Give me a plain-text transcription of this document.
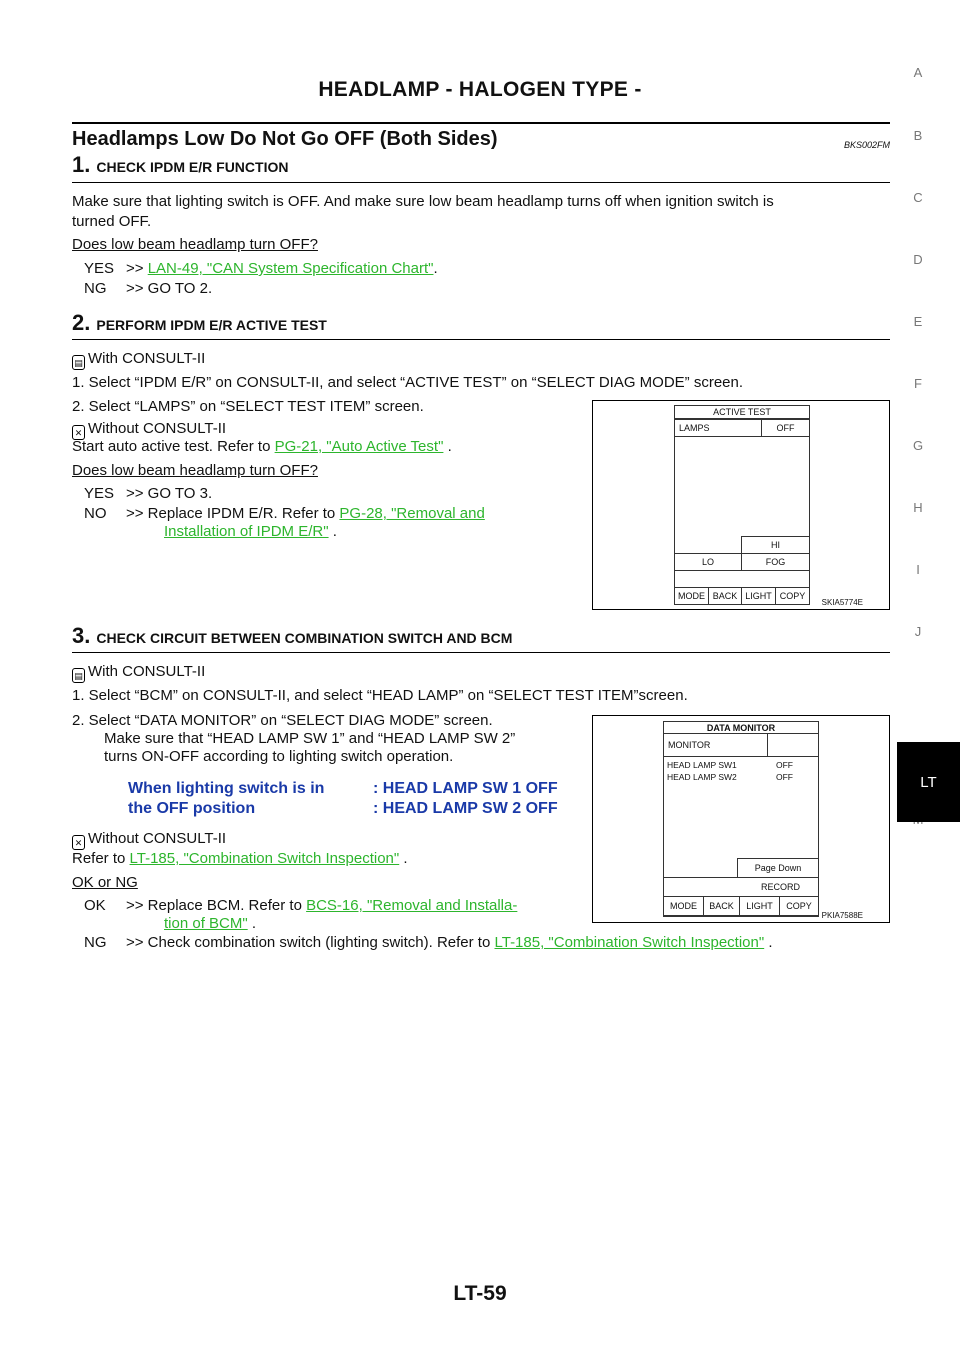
HEADLAMP - HALOGEN TYPE -
Headlamps Low Do Not Go OFF (Both Sides)	BKS002FM
1. CHECK IPDM E/R FUNCTION
Make sure that lighting switch is OFF. And make sure low beam headlamp turns off when ignition switch is
turned OFF.
Does low beam headlamp turn OFF?
YES >> LAN-49, "CAN System Specification Chart".
NG >> GO TO 2.
2. PERFORM IPDM E/R ACTIVE TEST
▤ With CONSULT-II
1. Select “IPDM E/R” on CONSULT-II, and select “ACTIVE TEST” on “SELECT DIAG MODE” screen.
2. Select “LAMPS” on “SELECT TEST ITEM” screen.
✕ Without CONSULT-II
Start auto active test. Refer to PG-21, "Auto Active Test" .
Does low beam headlamp turn OFF?
YES >> GO TO 3.
NO >> Replace IPDM E/R. Refer to PG-28, "Removal and
Installation of IPDM E/R" .
ACTIVE TEST
LAMPS	OFF
HI
LO	FOG
MODE BACK LIGHT COPY
SKIA5774E
3. CHECK CIRCUIT BETWEEN COMBINATION SWITCH AND BCM
▤ With CONSULT-II
1. Select “BCM” on CONSULT-II, and select “HEAD LAMP” on “SELECT TEST ITEM”screen.
2. Select “DATA MONITOR” on “SELECT DIAG MODE” screen.
Make sure that “HEAD LAMP SW 1” and “HEAD LAMP SW 2”
turns ON-OFF according to lighting switch operation.
When lighting switch is in
the OFF position
: HEAD LAMP SW 1 OFF
: HEAD LAMP SW 2 OFF
✕ Without CONSULT-II
Refer to LT-185, "Combination Switch Inspection" .
OK or NG
OK >> Replace BCM. Refer to BCS-16, "Removal and Installa-
tion of BCM" .
NG >> Check combination switch (lighting switch). Refer to LT-185, "Combination Switch Inspection" .
DATA MONITOR
MONITOR
HEAD LAMP SW1	OFF
HEAD LAMP SW2	OFF
Page Down
RECORD
MODE	BACK	LIGHT	COPY
PKIA7588E
A
B
C
D
E
F
G
H
I
J
LT
LT-59
